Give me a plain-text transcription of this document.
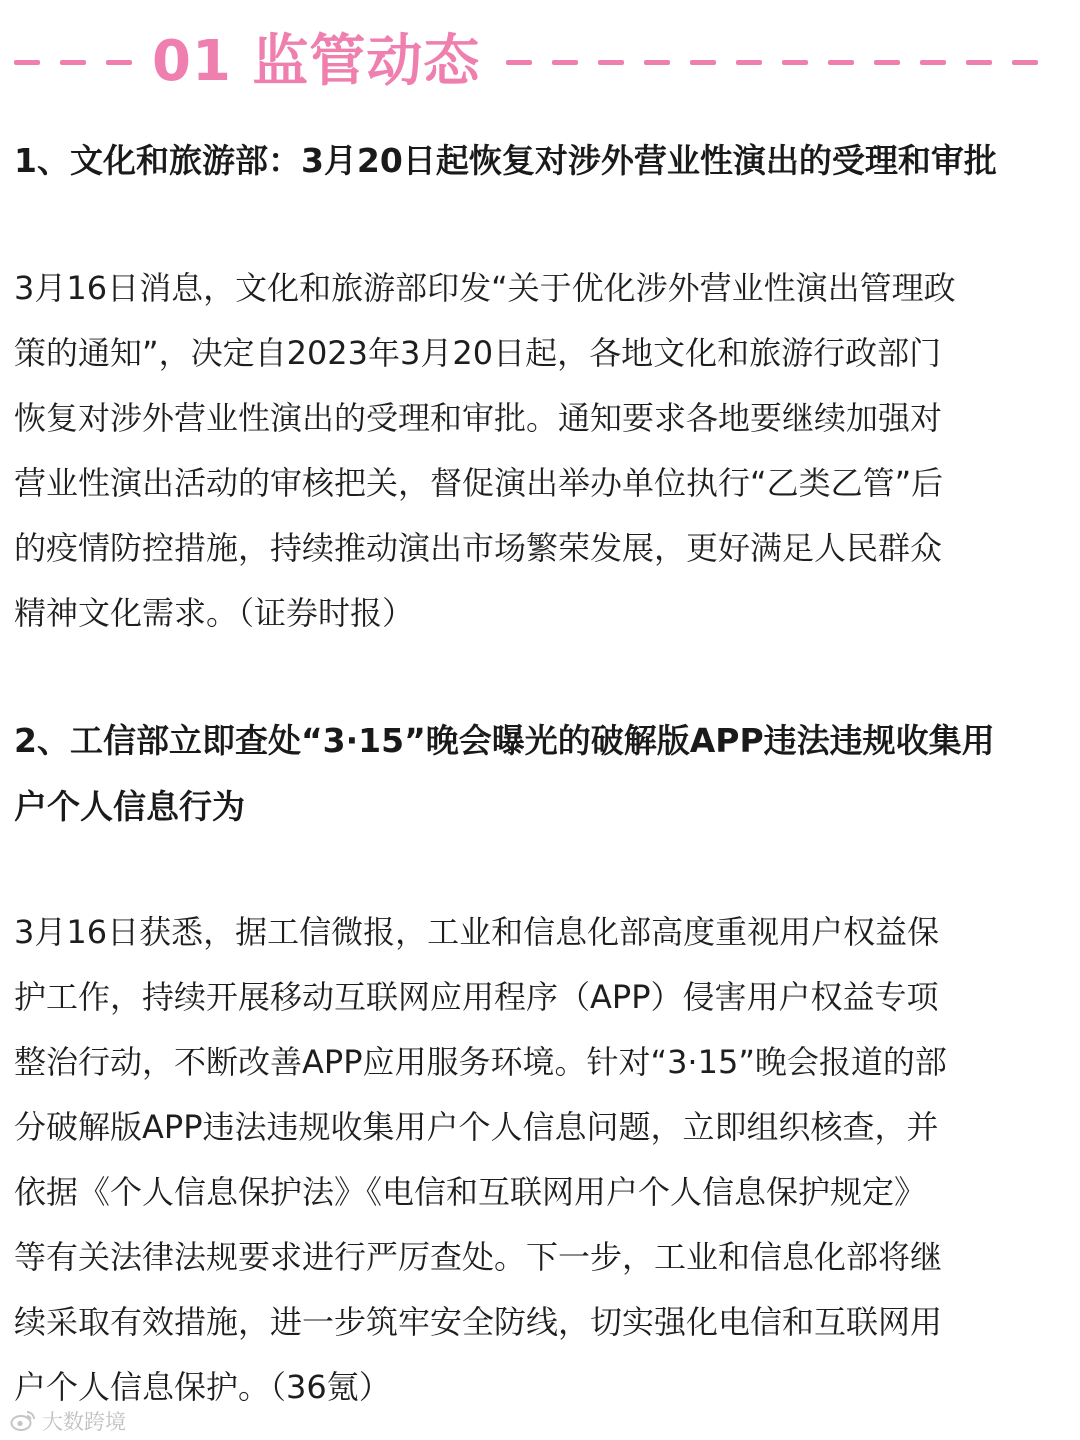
01 监管动态
1、文化和旅游部：3月20日起恢复对涉外营业性演出的受理和审批

3月16日消息，文化和旅游部印发“关于优化涉外营业性演出管理政
策的通知”，决定自2023年3月20日起，各地文化和旅游行政部门
恢复对涉外营业性演出的受理和审批。通知要求各地要继续加强对
营业性演出活动的审核把关，督促演出举办单位执行“乙类乙管”后
的疫情防控措施，持续推动演出市场繁荣发展，更好满足人民群众
精神文化需求。（证券时报）

2、工信部立即查处“3·15”晚会曝光的破解版APP违法违规收集用
户个人信息行为

3月16日获悉，据工信微报，工业和信息化部高度重视用户权益保
护工作，持续开展移动互联网应用程序（APP）侵害用户权益专项
整治行动，不断改善APP应用服务环境。针对“3·15”晚会报道的部
分破解版APP违法违规收集用户个人信息问题，立即组织核查，并
依据《个人信息保护法》《电信和互联网用户个人信息保护规定》
等有关法律法规要求进行严厉查处。下一步，工业和信息化部将继
续采取有效措施，进一步筑牢安全防线，切实强化电信和互联网用
户个人信息保护。（36氪）

大数跨境
